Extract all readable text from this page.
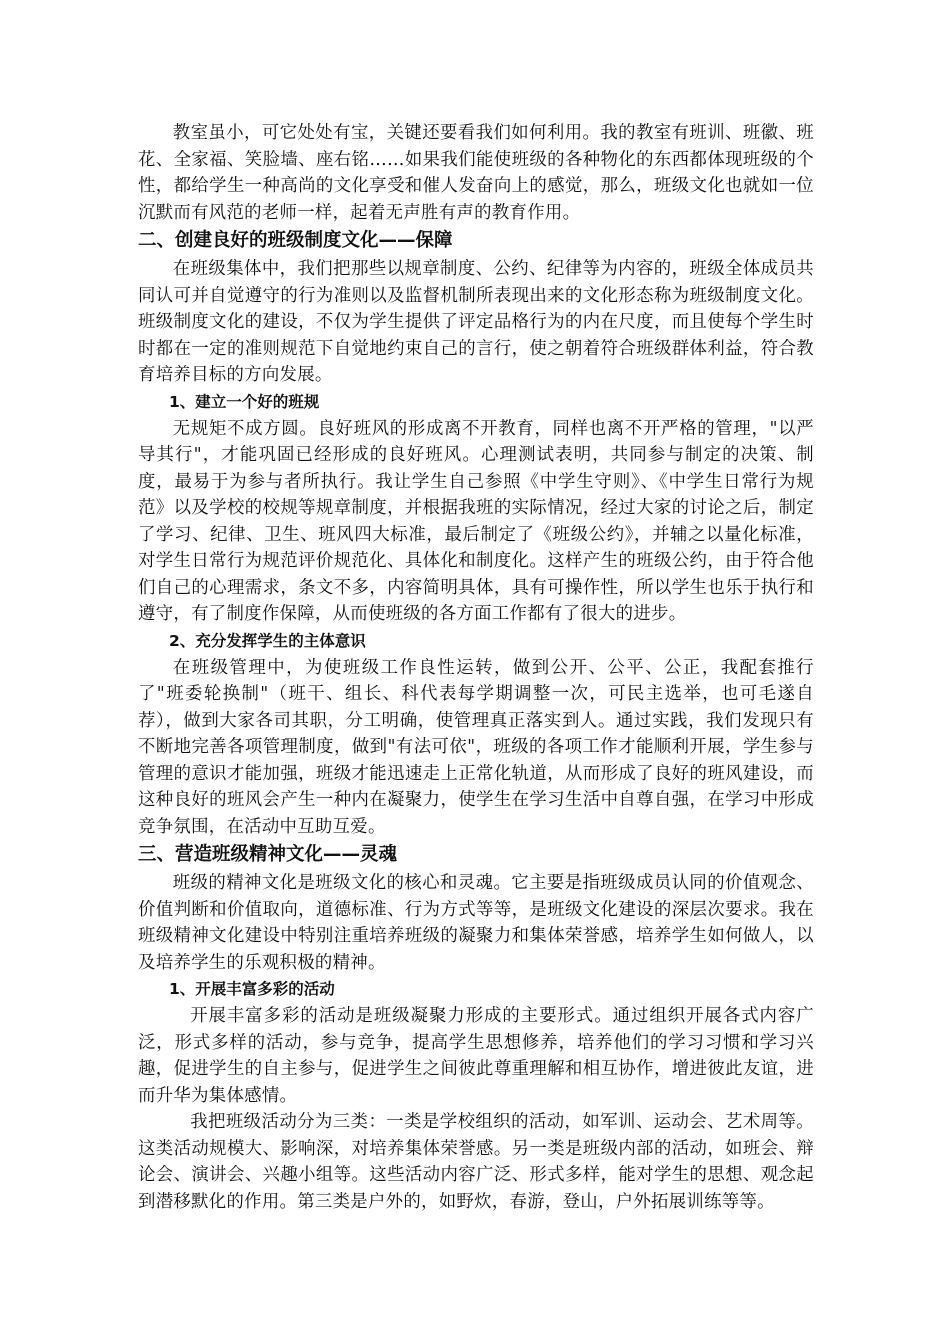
教室虽小，可它处处有宝，关键还要看我们如何利用。我的教室有班训、班徽、班花、全家福、笑脸墙、座右铭……如果我们能使班级的各种物化的东西都体现班级的个性，都给学生一种高尚的文化享受和催人发奋向上的感觉，那么，班级文化也就如一位沉默而有风范的老师一样，起着无声胜有声的教育作用。

二、创建良好的班级制度文化——保障

在班级集体中，我们把那些以规章制度、公约、纪律等为内容的，班级全体成员共同认可并自觉遵守的行为准则以及监督机制所表现出来的文化形态称为班级制度文化。班级制度文化的建设，不仅为学生提供了评定品格行为的内在尺度，而且使每个学生时时都在一定的准则规范下自觉地约束自己的言行，使之朝着符合班级群体利益，符合教育培养目标的方向发展。

1、建立一个好的班规

无规矩不成方圆。良好班风的形成离不开教育，同样也离不开严格的管理，"以严导其行"，才能巩固已经形成的良好班风。心理测试表明，共同参与制定的决策、制度，最易于为参与者所执行。我让学生自己参照《中学生守则》、《中学生日常行为规范》以及学校的校规等规章制度，并根据我班的实际情况，经过大家的讨论之后，制定了学习、纪律、卫生、班风四大标准，最后制定了《班级公约》，并辅之以量化标准，对学生日常行为规范评价规范化、具体化和制度化。这样产生的班级公约，由于符合他们自己的心理需求，条文不多，内容简明具体，具有可操作性，所以学生也乐于执行和遵守，有了制度作保障，从而使班级的各方面工作都有了很大的进步。

2、充分发挥学生的主体意识

在班级管理中，为使班级工作良性运转，做到公开、公平、公正，我配套推行了"班委轮换制"（班干、组长、科代表每学期调整一次，可民主选举，也可毛遂自荐），做到大家各司其职，分工明确，使管理真正落实到人。通过实践，我们发现只有不断地完善各项管理制度，做到"有法可依"，班级的各项工作才能顺利开展，学生参与管理的意识才能加强，班级才能迅速走上正常化轨道，从而形成了良好的班风建设，而这种良好的班风会产生一种内在凝聚力，使学生在学习生活中自尊自强，在学习中形成竞争氛围，在活动中互助互爱。

三、营造班级精神文化——灵魂

班级的精神文化是班级文化的核心和灵魂。它主要是指班级成员认同的价值观念、价值判断和价值取向，道德标准、行为方式等等，是班级文化建设的深层次要求。我在班级精神文化建设中特别注重培养班级的凝聚力和集体荣誉感，培养学生如何做人，以及培养学生的乐观积极的精神。

1、开展丰富多彩的活动

开展丰富多彩的活动是班级凝聚力形成的主要形式。通过组织开展各式内容广泛，形式多样的活动，参与竞争，提高学生思想修养，培养他们的学习习惯和学习兴趣，促进学生的自主参与，促进学生之间彼此尊重理解和相互协作，增进彼此友谊，进而升华为集体感情。

我把班级活动分为三类：一类是学校组织的活动，如军训、运动会、艺术周等。这类活动规模大、影响深，对培养集体荣誉感。另一类是班级内部的活动，如班会、辩论会、演讲会、兴趣小组等。这些活动内容广泛、形式多样，能对学生的思想、观念起到潜移默化的作用。第三类是户外的，如野炊，春游，登山，户外拓展训练等等。
